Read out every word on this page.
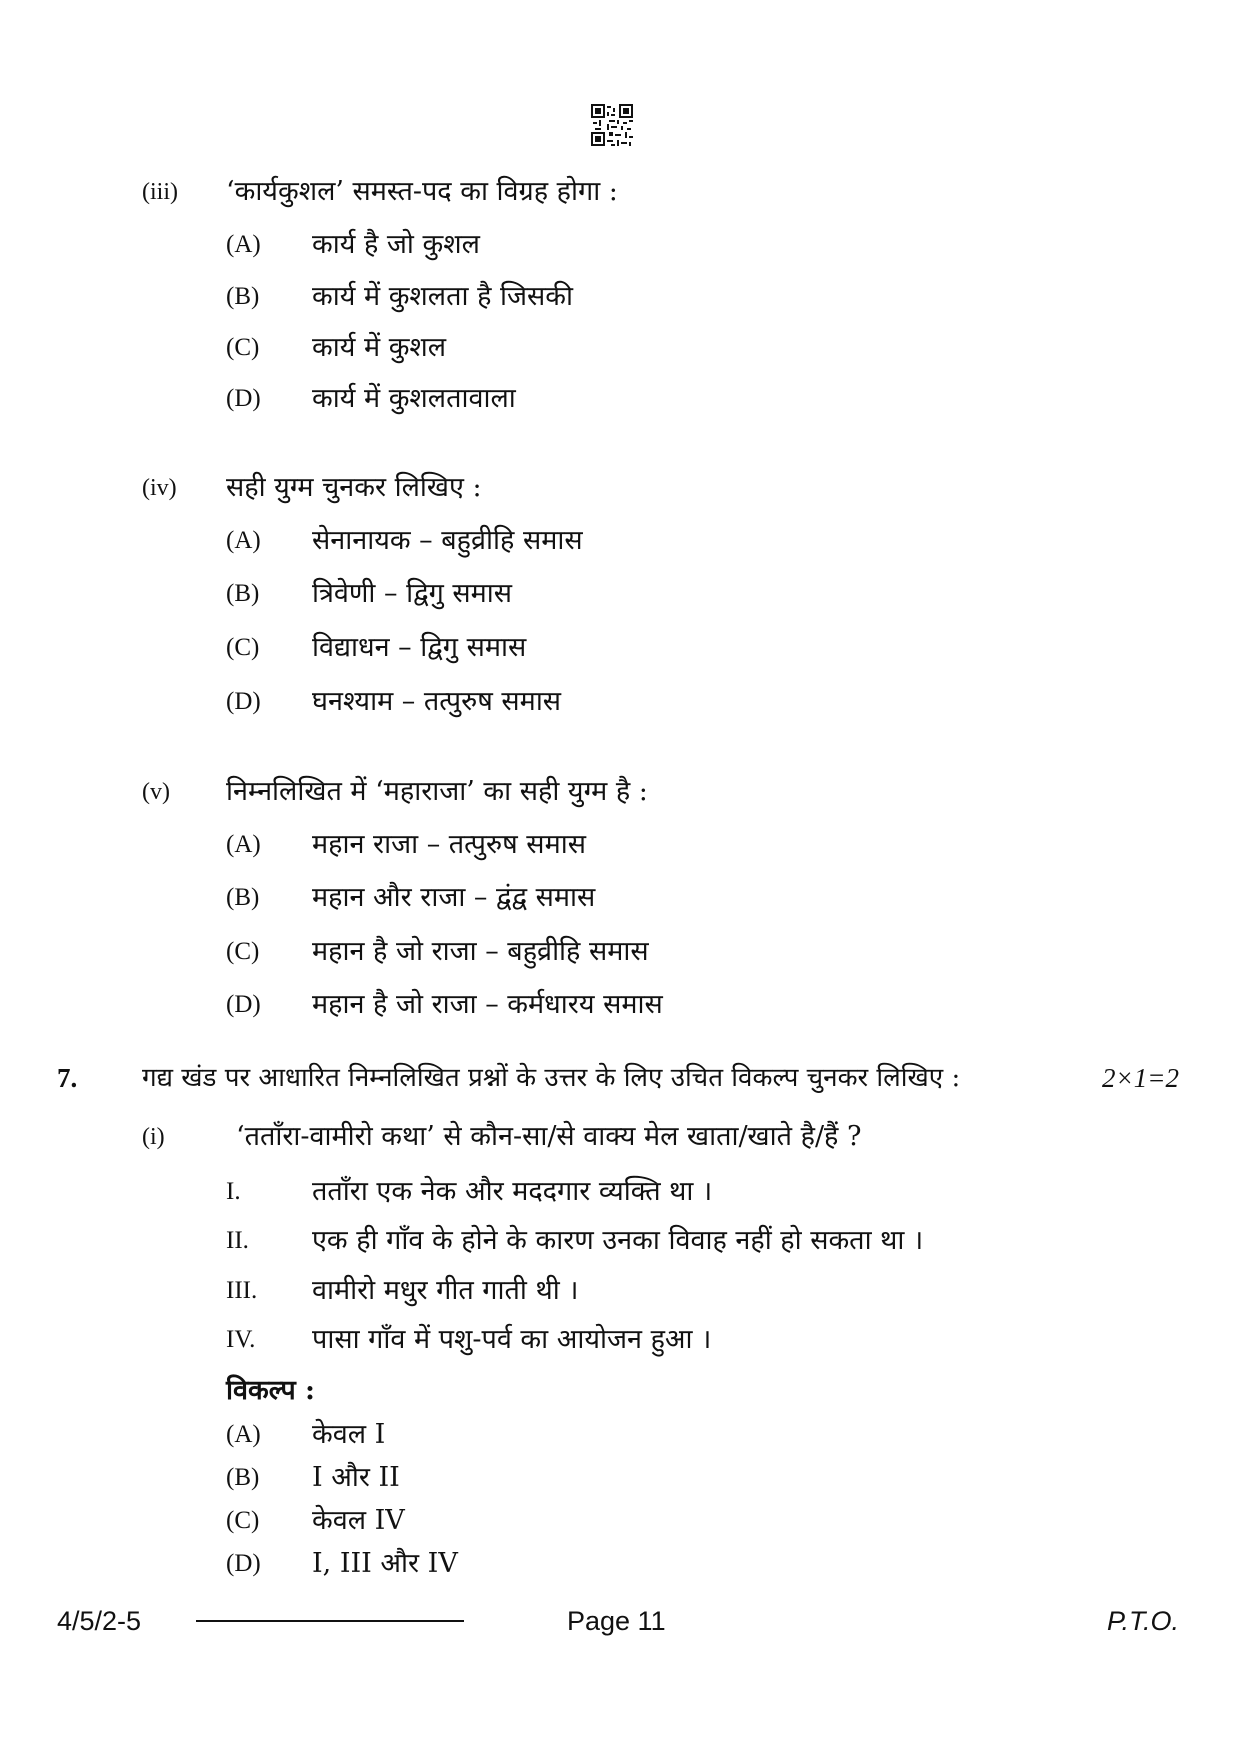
(iii) ‘कार्यकुशल’ समस्त-पद का विग्रह होगा :
(A) कार्य है जो कुशल
(B) कार्य में कुशलता है जिसकी
(C) कार्य में कुशल
(D) कार्य में कुशलतावाला
(iv) सही युग्म चुनकर लिखिए :
(A) सेनानायक – बहुव्रीहि समास
(B) त्रिवेणी – द्विगु समास
(C) विद्याधन – द्विगु समास
(D) घनश्याम – तत्पुरुष समास
(v) निम्नलिखित में ‘महाराजा’ का सही युग्म है :
(A) महान राजा – तत्पुरुष समास
(B) महान और राजा – द्वंद्व समास
(C) महान है जो राजा – बहुव्रीहि समास
(D) महान है जो राजा – कर्मधारय समास
7. गद्य खंड पर आधारित निम्नलिखित प्रश्नों के उत्तर के लिए उचित विकल्प चुनकर लिखिए :	2×1=2
(i)	‘तताँरा-वामीरो कथा’ से कौन-सा/से वाक्य मेल खाता/खाते है/हैं ?
I.	तताँरा एक नेक और मददगार व्यक्ति था ।
II. एक ही गाँव के होने के कारण उनका विवाह नहीं हो सकता था ।
III. वामीरो मधुर गीत गाती थी ।
IV. पासा गाँव में पशु-पर्व का आयोजन हुआ ।
विकल्प :
(A) केवल I
(B) I और II
(C) केवल IV
(D) I, III और IV
4/5/2-5	Page 11	P.T.O.
